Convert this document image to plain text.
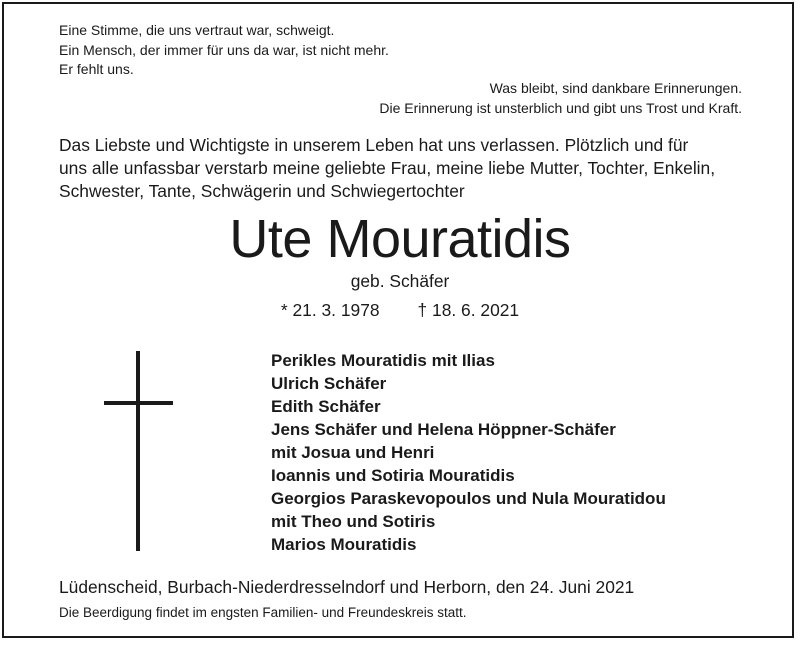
Eine Stimme, die uns vertraut war, schweigt.
Ein Mensch, der immer für uns da war, ist nicht mehr.
Er fehlt uns.
Was bleibt, sind dankbare Erinnerungen.
Die Erinnerung ist unsterblich und gibt uns Trost und Kraft.
Das Liebste und Wichtigste in unserem Leben hat uns verlassen. Plötzlich und für
uns alle unfassbar verstarb meine geliebte Frau, meine liebe Mutter, Tochter, Enkelin,
Schwester, Tante, Schwägerin und Schwiegertochter
Ute Mouratidis
geb. Schäfer
* 21. 3. 1978 † 18. 6. 2021
Perikles Mouratidis mit Ilias
Ulrich Schäfer
Edith Schäfer
Jens Schäfer und Helena Höppner-Schäfer
mit Josua und Henri
Ioannis und Sotiria Mouratidis
Georgios Paraskevopoulos und Nula Mouratidou
mit Theo und Sotiris
Marios Mouratidis
Lüdenscheid, Burbach-Niederdresselndorf und Herborn, den 24. Juni 2021
Die Beerdigung findet im engsten Familien- und Freundeskreis statt.
